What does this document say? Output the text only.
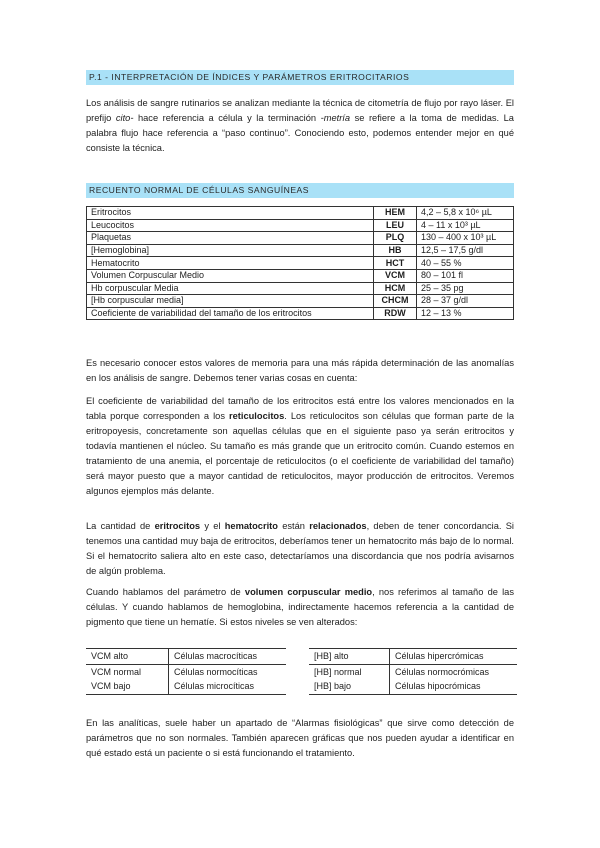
P.1 - INTERPRETACIÓN DE ÍNDICES Y PARÁMETROS ERITROCITARIOS

Los análisis de sangre rutinarios se analizan mediante la técnica de citometría de flujo por rayo láser. El prefijo cito- hace referencia a célula y la terminación -metría se refiere a la toma de medidas. La palabra flujo hace referencia a “paso continuo”. Conociendo esto, podemos entender mejor en qué consiste la técnica.

RECUENTO NORMAL DE CÉLULAS SANGUÍNEAS
Eritrocitos	HEM	4,2 – 5,8 x 10⁶ µL
Leucocitos	LEU	4 – 11 x 10³ µL
Plaquetas	PLQ	130 – 400 x 10³ µL
[Hemoglobina]	HB	12,5 – 17,5 g/dl
Hematocrito	HCT	40 – 55 %
Volumen Corpuscular Medio	VCM	80 – 101 fl
Hb corpuscular Media	HCM	25 – 35 pg
[Hb corpuscular media]	CHCM	28 – 37 g/dl
Coeficiente de variabilidad del tamaño de los eritrocitos	RDW	12 – 13 %

Es necesario conocer estos valores de memoria para una más rápida determinación de las anomalías en los análisis de sangre. Debemos tener varias cosas en cuenta:

El coeficiente de variabilidad del tamaño de los eritrocitos está entre los valores mencionados en la tabla porque corresponden a los reticulocitos. Los reticulocitos son células que forman parte de la eritropoyesis, concretamente son aquellas células que en el siguiente paso ya serán eritrocitos y todavía mantienen el núcleo. Su tamaño es más grande que un eritrocito común. Cuando estemos en tratamiento de una anemia, el porcentaje de reticulocitos (o el coeficiente de variabilidad del tamaño) será mayor puesto que a mayor cantidad de reticulocitos, mayor producción de eritrocitos. Veremos algunos ejemplos más delante.

La cantidad de eritrocitos y el hematocrito están relacionados, deben de tener concordancia. Si tenemos una cantidad muy baja de eritrocitos, deberíamos tener un hematocrito más bajo de lo normal. Si el hematocrito saliera alto en este caso, detectaríamos una discordancia que nos podría avisarnos de algún problema.

Cuando hablamos del parámetro de volumen corpuscular medio, nos referimos al tamaño de las células. Y cuando hablamos de hemoglobina, indirectamente hacemos referencia a la cantidad de pigmento que tiene un hematíe. Si estos niveles se ven alterados:

VCM alto	Células macrocíticas
VCM normal	Células normocíticas
VCM bajo	Células microcíticas
[HB] alto	Células hipercrómicas
[HB] normal	Células normocrómicas
[HB] bajo	Células hipocrómicas

En las analíticas, suele haber un apartado de “Alarmas fisiológicas” que sirve como detección de parámetros que no son normales. También aparecen gráficas que nos pueden ayudar a identificar en qué estado está un paciente o si está funcionando el tratamiento.
